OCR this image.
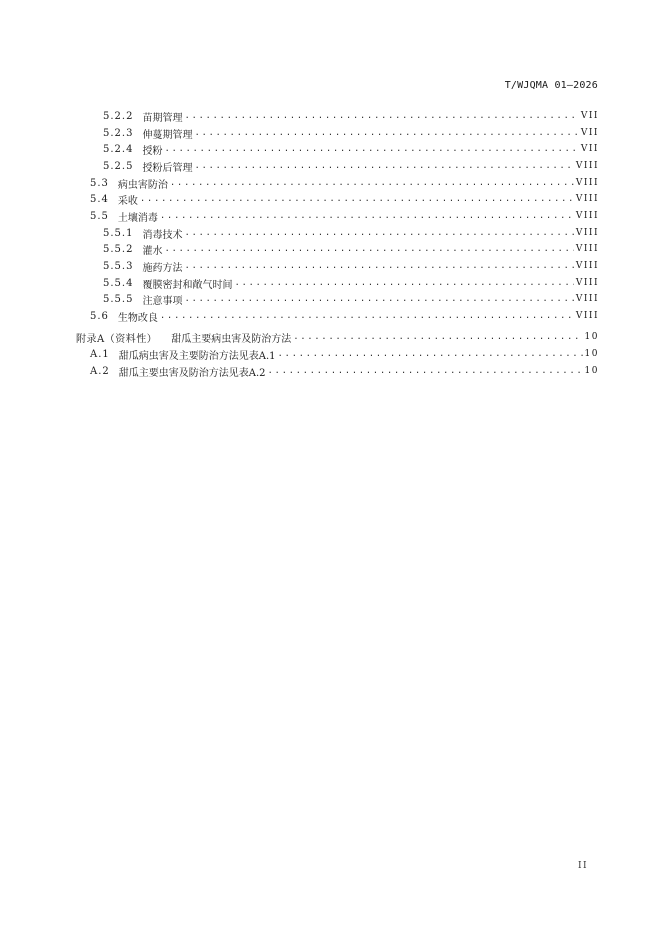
T/WJQMA 01—2026
5.2.2 苗期管理 .....	VII
5.2.3 伸蔓期管理 .....	VII
5.2.4 授粉 .....	VII
5.2.5 授粉后管理 .....	VIII
5.3 病虫害防治 .....	VIII
5.4 采收 .....	VIII
5.5 土壤消毒 .....	VIII
5.5.1 消毒技术 .....	VIII
5.5.2 灌水 .....	VIII
5.5.3 施药方法 .....	VIII
5.5.4 覆膜密封和敞气时间 .....	VIII
5.5.5 注意事项 .....	VIII
5.6 生物改良 .....	VIII
附录A（资料性） 甜瓜主要病虫害及防治方法 .....	10
A.1 甜瓜病虫害及主要防治方法见表A.1 .....	10
A.2 甜瓜主要虫害及防治方法见表A.2 .....	10
II
